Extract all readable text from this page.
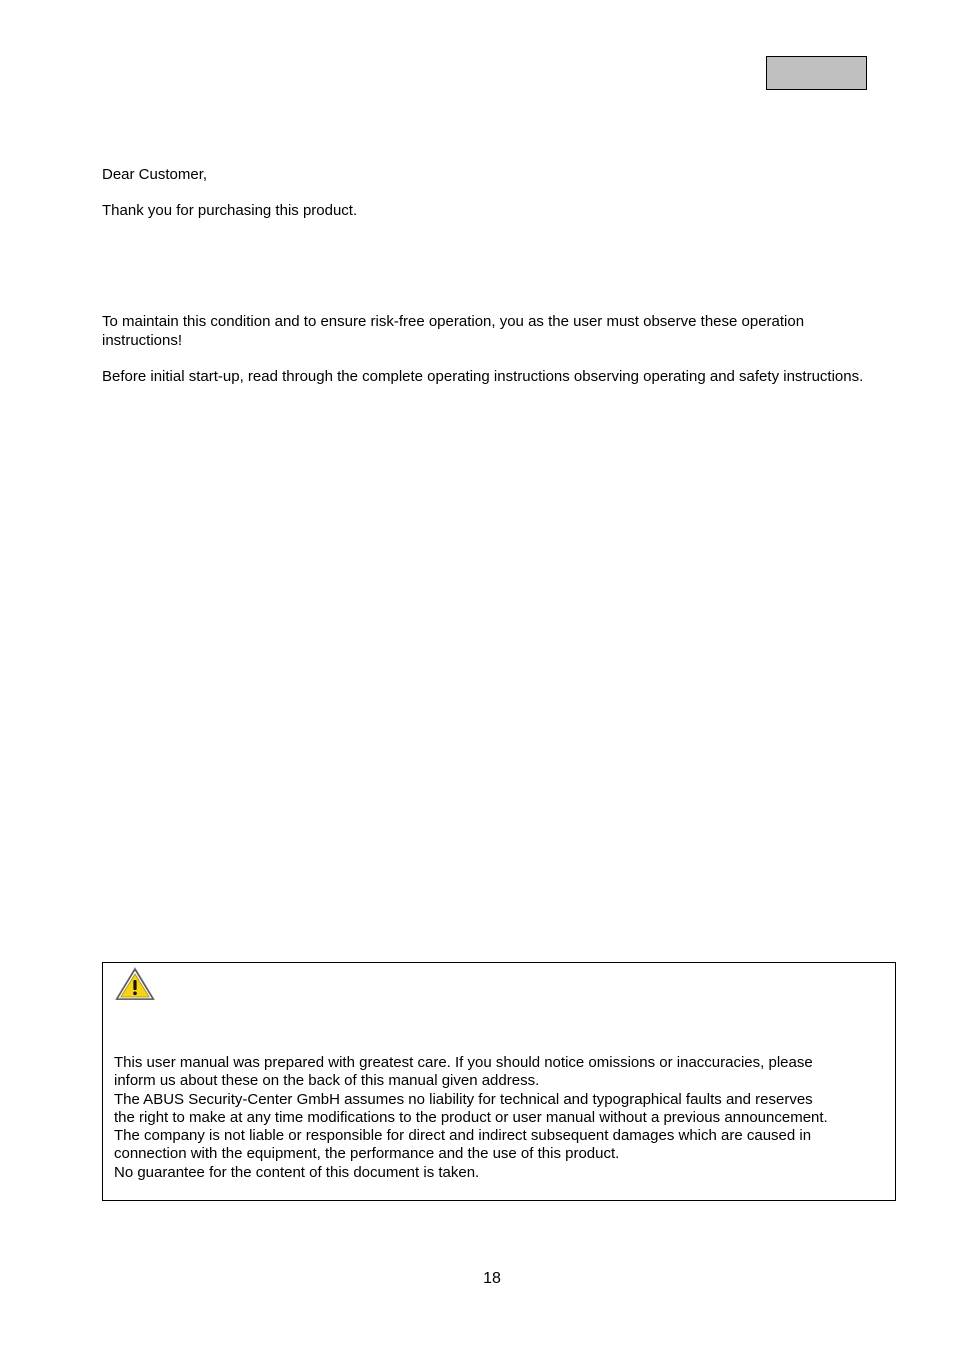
Dear Customer,

Thank you for purchasing this product.

To maintain this condition and to ensure risk-free operation, you as the user must observe these operation instructions!

Before initial start-up, read through the complete operating instructions observing operating and safety instructions.

This user manual was prepared with greatest care. If you should notice omissions or inaccuracies, please
inform us about these on the back of this manual given address.
The ABUS Security-Center GmbH assumes no liability for technical and typographical faults and reserves
the right to make at any time modifications to the product or user manual without a previous announcement.
The company is not liable or responsible for direct and indirect subsequent damages which are caused in
connection with the equipment, the performance and the use of this product.
No guarantee for the content of this document is taken.

18
